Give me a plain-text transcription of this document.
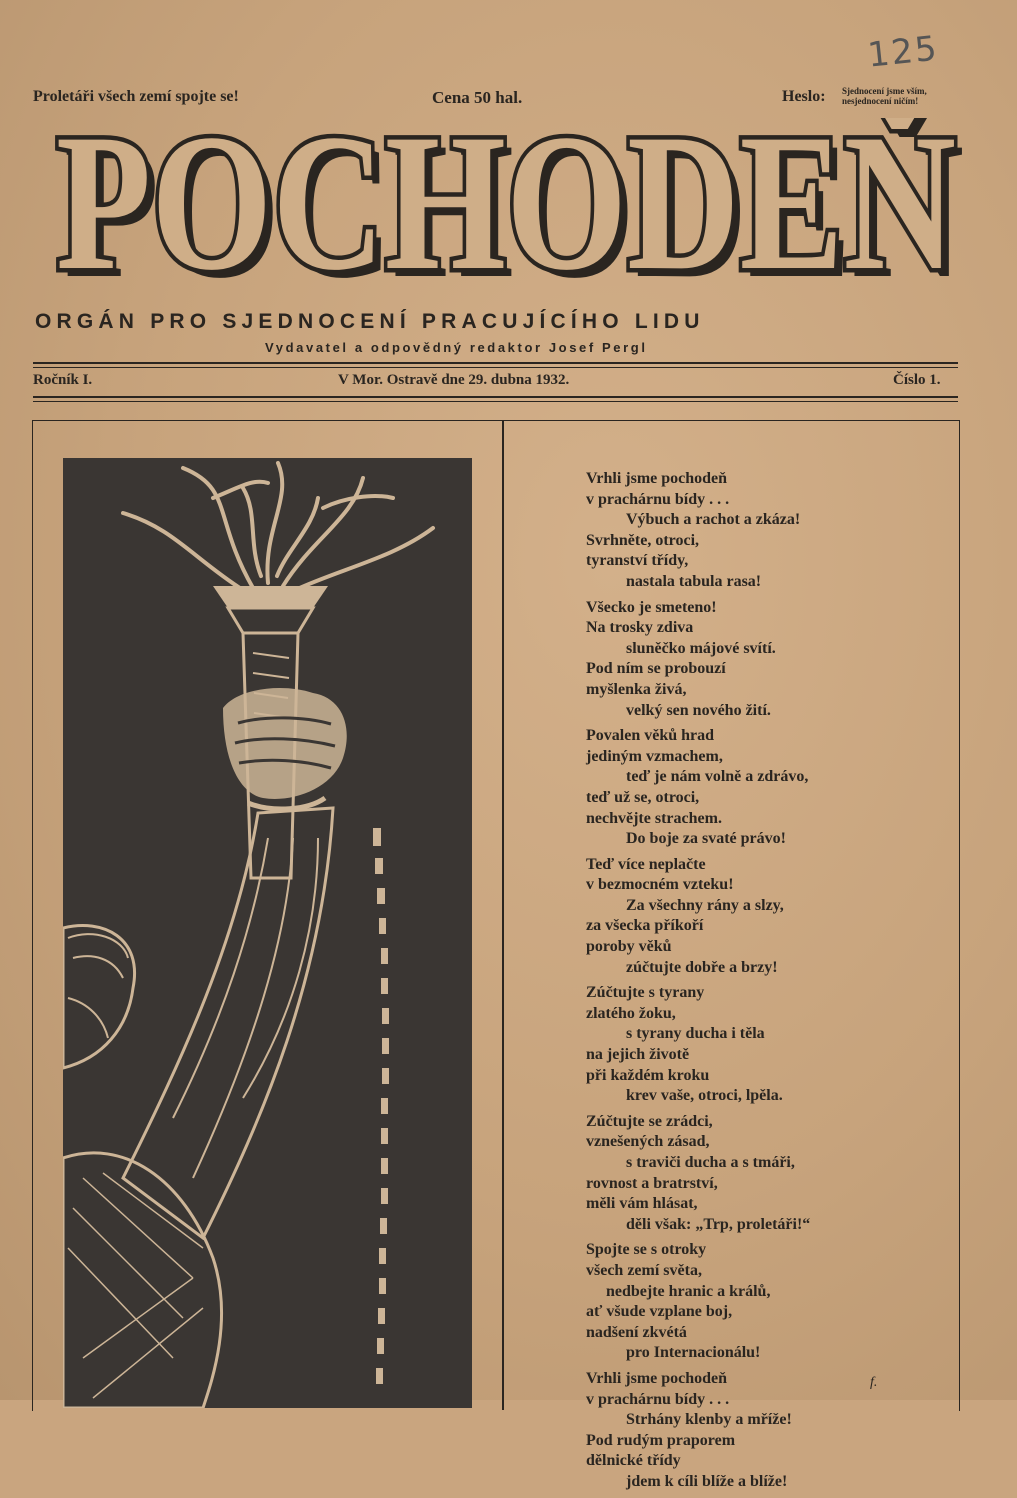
125
Proletáři všech zemí spojte se!	Cena 50 hal.	Heslo: Sjednocení jsme vším,
nesjednocení ničím!
POCHODEŇ
POCHODEŇ
ORGÁN PRO SJEDNOCENÍ PRACUJÍCÍHO LIDU
Vydavatel a odpovědný redaktor Josef Pergl
Ročník I.	V Mor. Ostravě dne 29. dubna 1932.	Číslo 1.
Vrhli jsme pochodeň
v prachárnu bídy . . .
Výbuch a rachot a zkáza!
Svrhněte, otroci,
tyranství třídy,
nastala tabula rasa!
Všecko je smeteno!
Na trosky zdiva
sluněčko májové svítí.
Pod ním se probouzí
myšlenka živá,
velký sen nového žití.
Povalen věků hrad
jediným vzmachem,
teď je nám volně a zdrávo,
teď už se, otroci,
nechvějte strachem.
Do boje za svaté právo!
Teď více neplačte
v bezmocném vzteku!
Za všechny rány a slzy,
za všecka příkoří
poroby věků
zúčtujte dobře a brzy!
Zúčtujte s tyrany
zlatého žoku,
s tyrany ducha i těla
na jejich životě
při každém kroku
krev vaše, otroci, lpěla.
Zúčtujte se zrádci,
vznešených zásad,
s traviči ducha a s tmáři,
rovnost a bratrství,
měli vám hlásat,
děli však: „Trp, proletáři!“
Spojte se s otroky
všech zemí světa,
nedbejte hranic a králů,
ať všude vzplane boj,
nadšení zkvétá
pro Internacionálu!
Vrhli jsme pochodeň
v prachárnu bídy . . .
Strhány klenby a mříže!
Pod rudým praporem
dělnické třídy
jdem k cíli blíže a blíže!
f.
